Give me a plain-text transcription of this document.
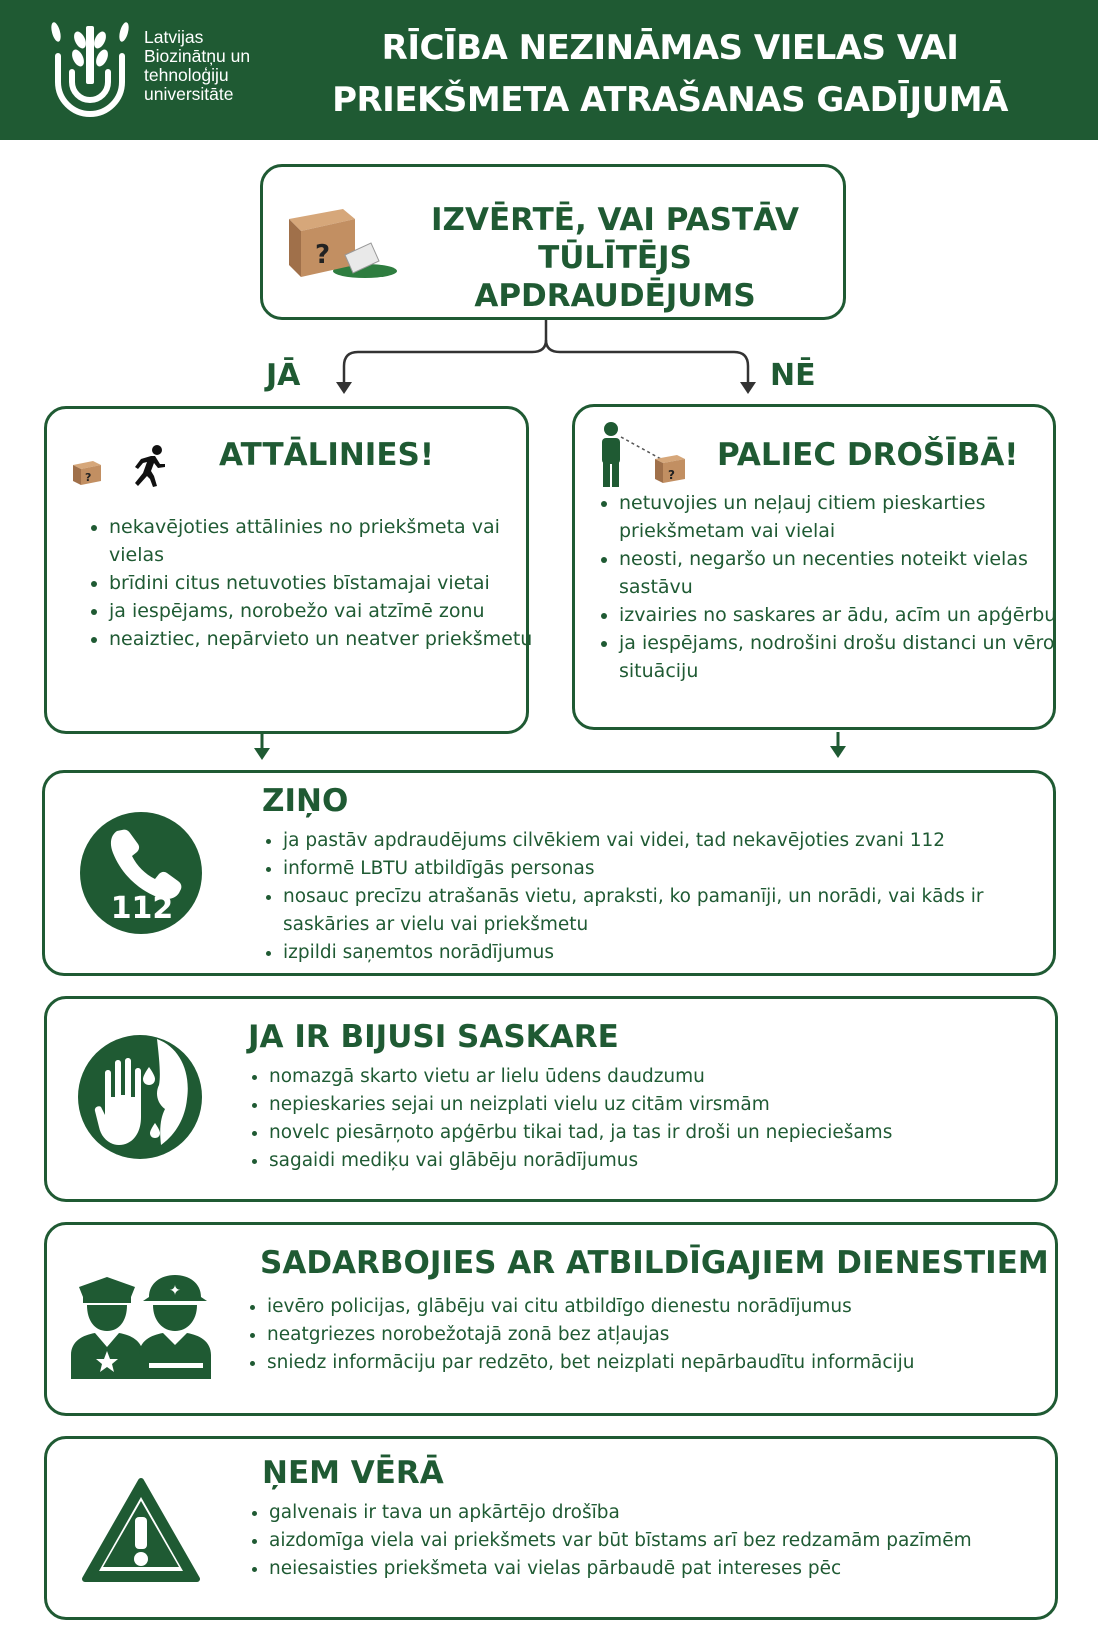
Latvijas
Biozinātņu un
tehnoloģiju
universitāte
RĪCĪBA NEZINĀMAS VIELAS VAI
PRIEKŠMETA ATRAŠANAS GADĪJUMĀ
?
IZVĒRTĒ, VAI PASTĀV
TŪLĪTĒJS APDRAUDĒJUMS
JĀ	NĒ
?
ATTĀLINIES!
• nekavējoties attālinies no priekšmeta vai vielas
• brīdini citus netuvoties bīstamajai vietai
• ja iespējams, norobežo vai atzīmē zonu
• neaiztiec, nepārvieto un neatver priekšmetu
?
PALIEC DROŠĪBĀ!
• netuvojies un neļauj citiem pieskarties priekšmetam vai vielai
• neosti, negaršo un necenties noteikt vielas sastāvu
• izvairies no saskares ar ādu, acīm un apģērbu
• ja iespējams, nodrošini drošu distanci un vēro situāciju
112
ZIŅO
• ja pastāv apdraudējums cilvēkiem vai videi, tad nekavējoties zvani 112
• informē LBTU atbildīgās personas
• nosauc precīzu atrašanās vietu, apraksti, ko pamanīji, un norādi, vai kāds ir saskāries ar vielu vai priekšmetu
• izpildi saņemtos norādījumus
JA IR BIJUSI SASKARE
• nomazgā skarto vietu ar lielu ūdens daudzumu
• nepieskaries sejai un neizplati vielu uz citām virsmām
• novelc piesārņoto apģērbu tikai tad, ja tas ir droši un nepieciešams
• sagaidi mediķu vai glābēju norādījumus
✦
SADARBOJIES AR ATBILDĪGAJIEM DIENESTIEM
• ievēro policijas, glābēju vai citu atbildīgo dienestu norādījumus
• neatgriezes norobežotajā zonā bez atļaujas
• sniedz informāciju par redzēto, bet neizplati nepārbaudītu informāciju
ŅEM VĒRĀ
• galvenais ir tava un apkārtējo drošība
• aizdomīga viela vai priekšmets var būt bīstams arī bez redzamām pazīmēm
• neiesaisties priekšmeta vai vielas pārbaudē pat intereses pēc
